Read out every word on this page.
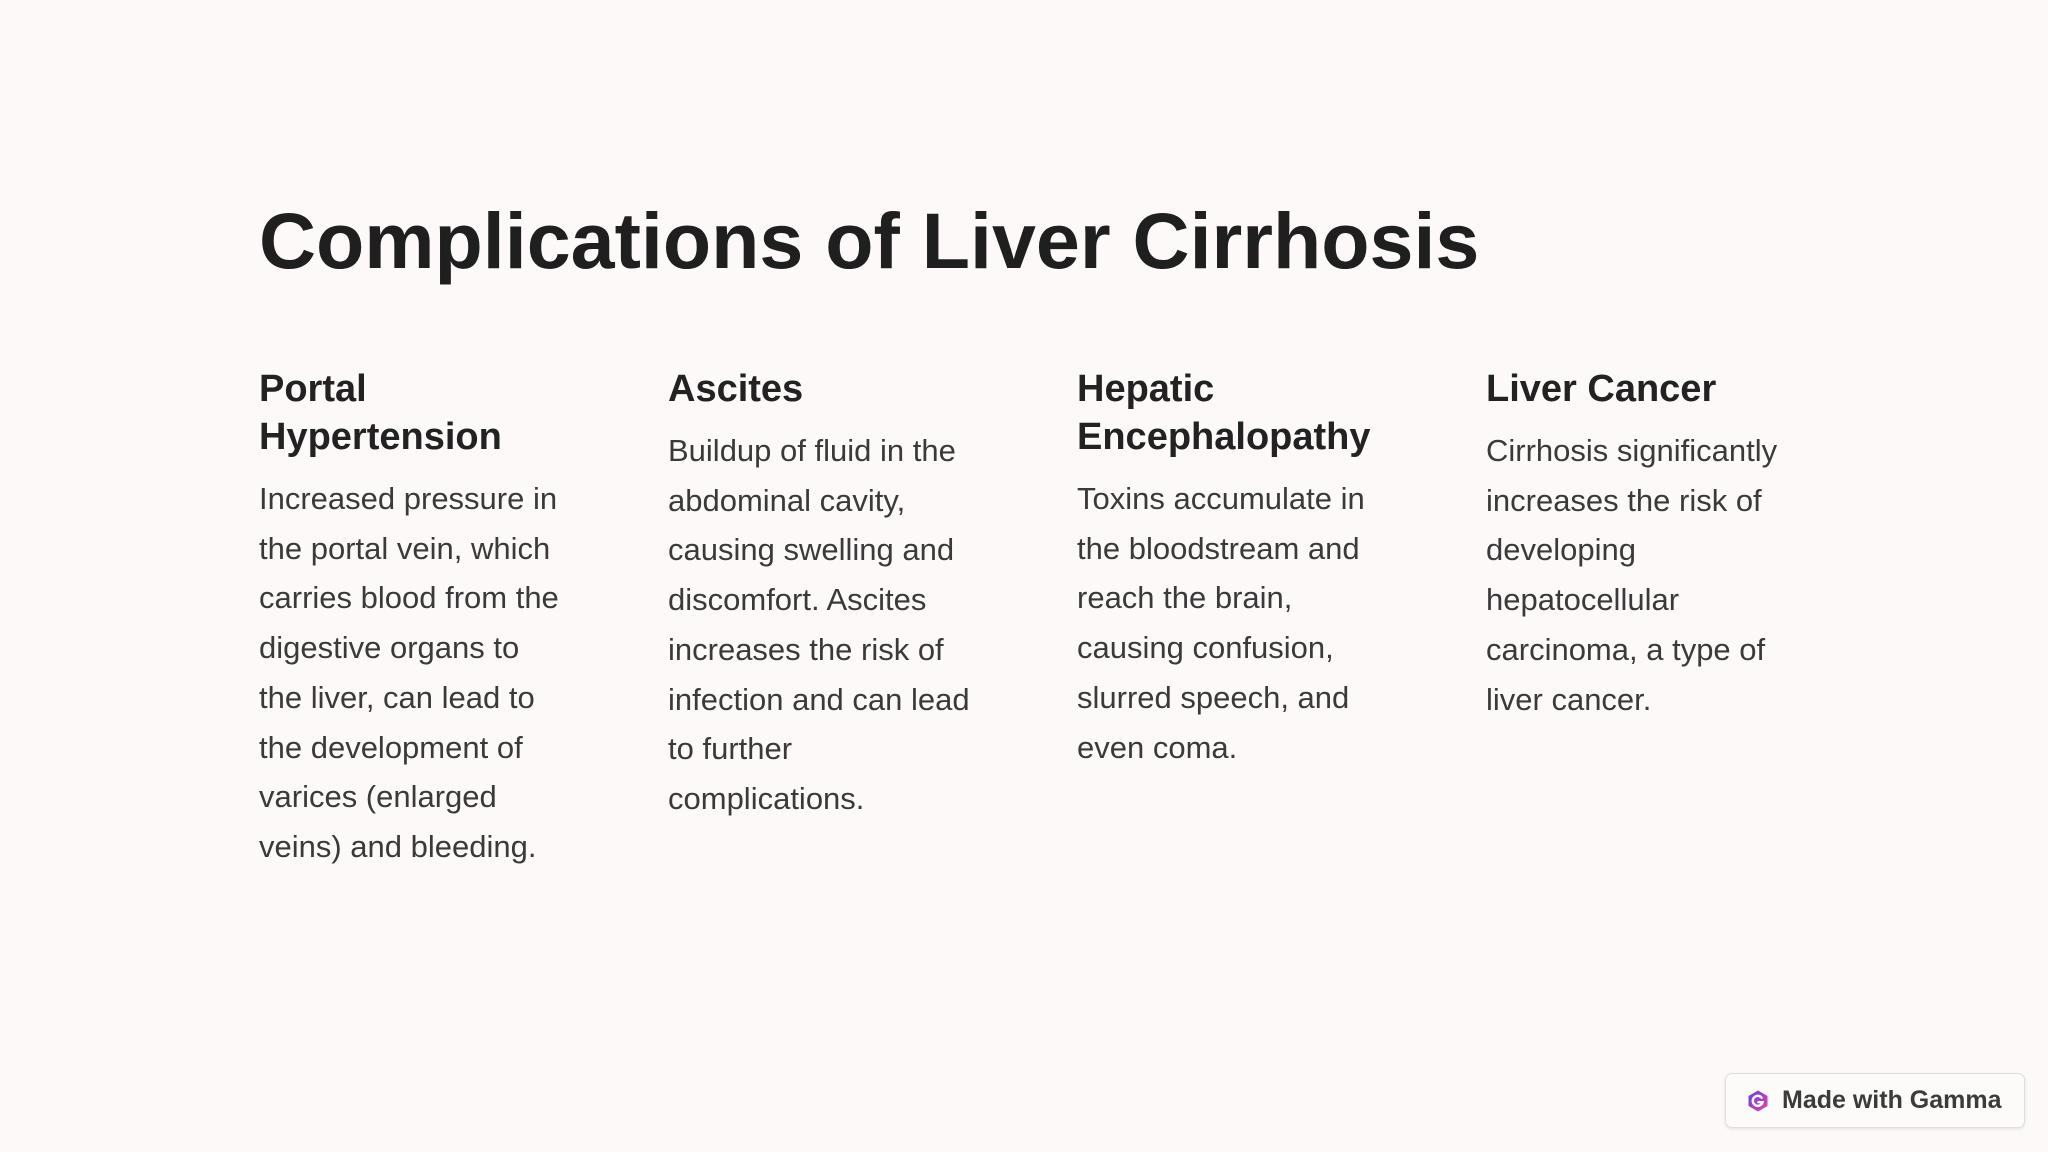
Complications of Liver Cirrhosis
Portal Hypertension

Increased pressure in the portal vein, which carries blood from the digestive organs to the liver, can lead to the development of varices (enlarged veins) and bleeding.

Ascites

Buildup of fluid in the abdominal cavity, causing swelling and discomfort. Ascites increases the risk of infection and can lead to further complications.

Hepatic Encephalopathy

Toxins accumulate in the bloodstream and reach the brain, causing confusion, slurred speech, and even coma.

Liver Cancer

Cirrhosis significantly increases the risk of developing hepatocellular carcinoma, a type of liver cancer.

Made with Gamma
